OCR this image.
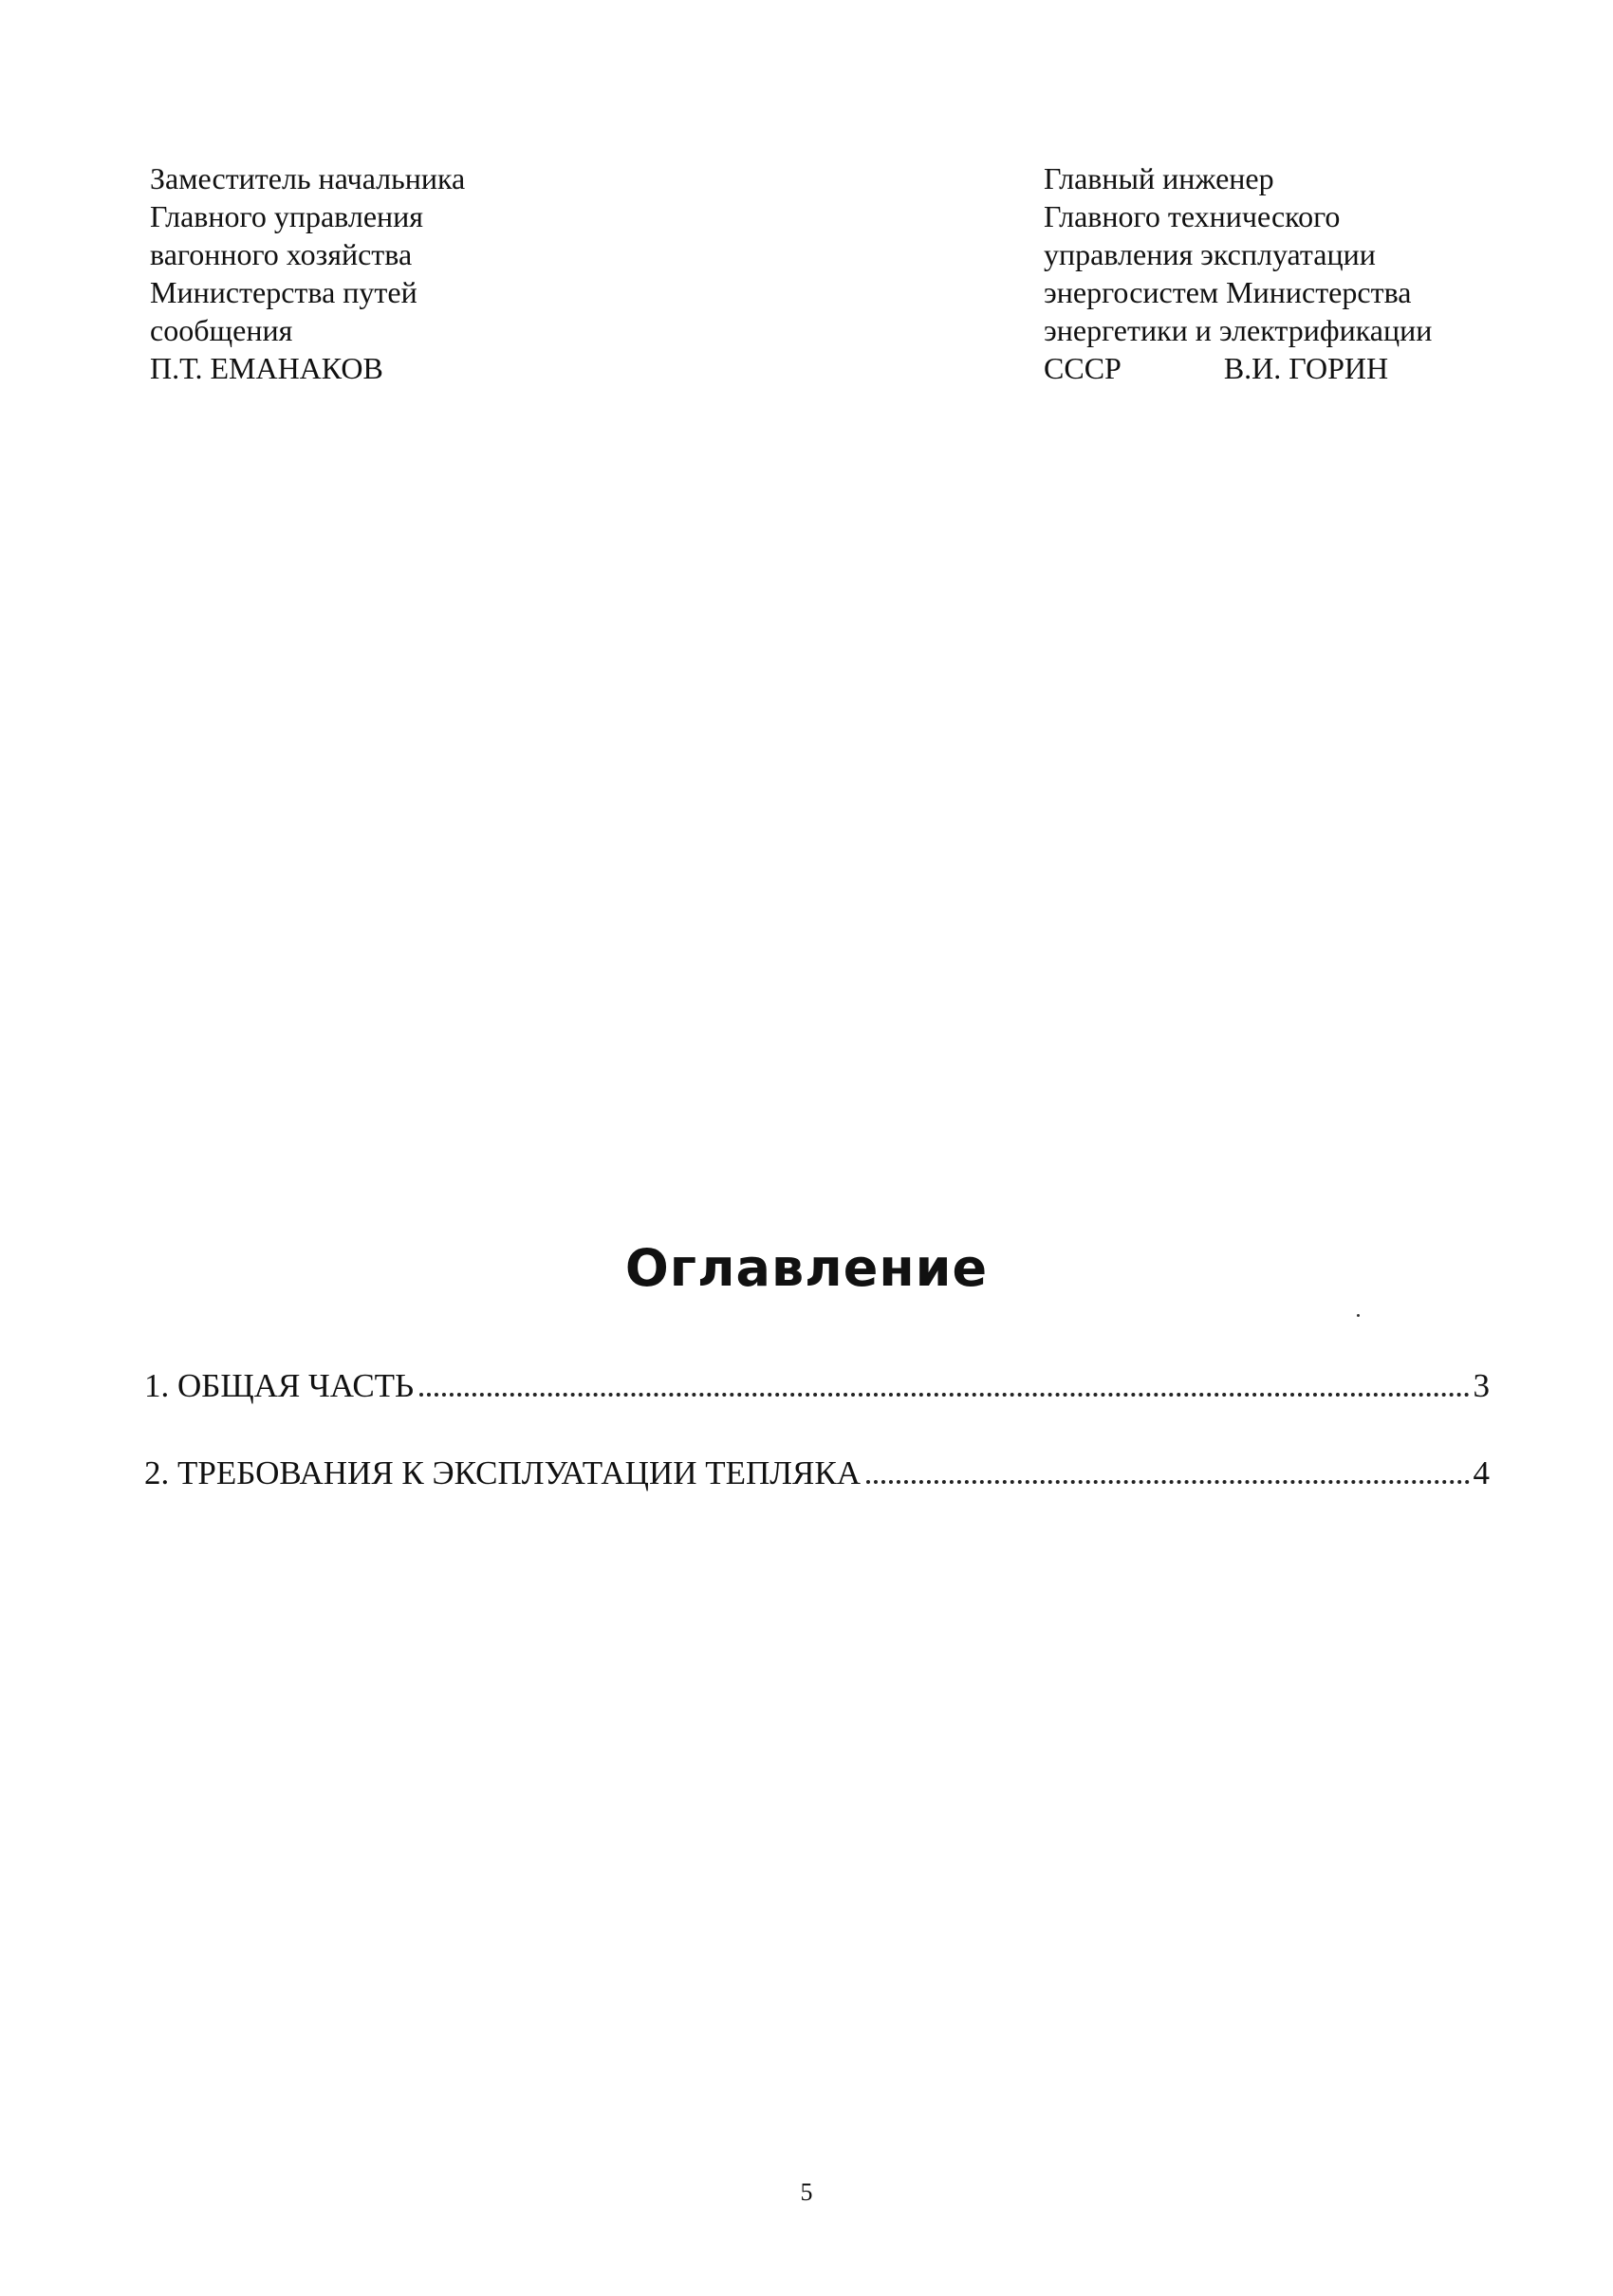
Заместитель начальника
Главного управления
вагонного хозяйства
Министерства путей
сообщения
П.Т. ЕМАНАКОВ
Главный инженер
Главного технического
управления эксплуатации
энергосистем Министерства
энергетики и электрификации
СССР	В.И. ГОРИН
Оглавление
1. ОБЩАЯ ЧАСТЬ	3
2. ТРЕБОВАНИЯ К ЭКСПЛУАТАЦИИ ТЕПЛЯКА	4
5
